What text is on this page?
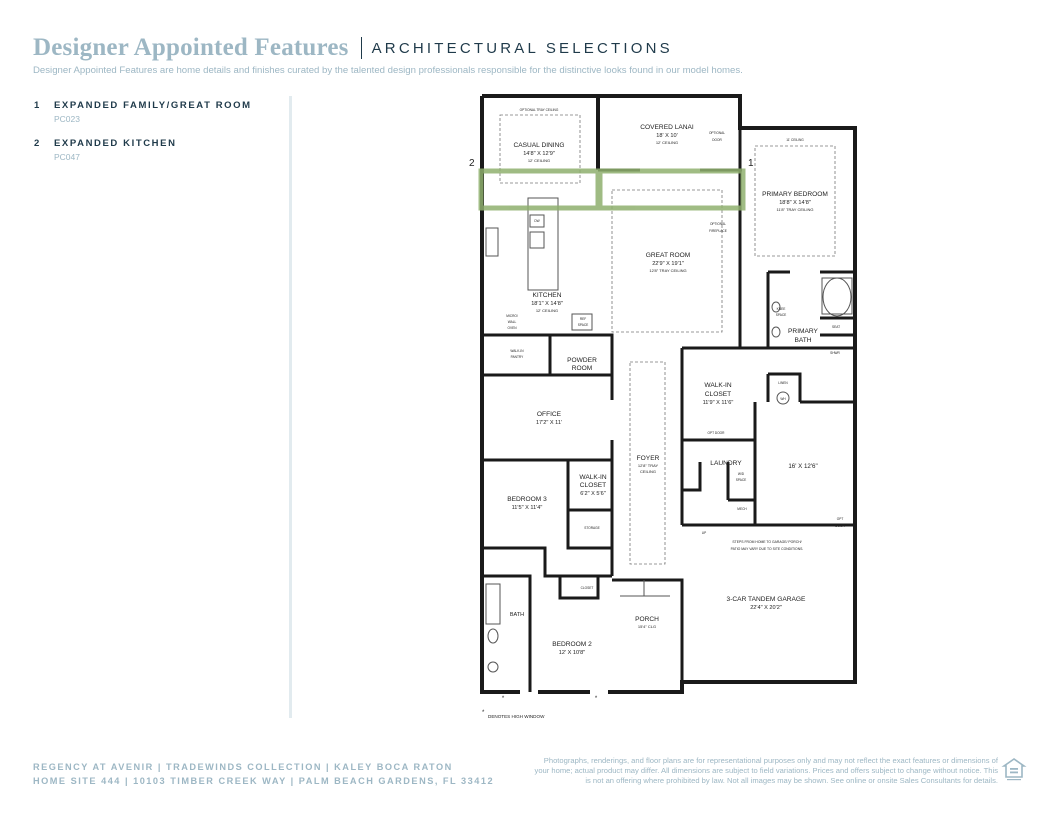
Designer Appointed Features ARCHITECTURAL SELECTIONS
Designer Appointed Features are home details and finishes curated by the talented design professionals responsible for the distinctive looks found in our model homes.
1 EXPANDED FAMILY/GREAT ROOM
PC023
2 EXPANDED KITCHEN
PC047
2	1
OPTIONAL TRAY CEILING
OPTIONAL
DOOR	11' CEILING
OPTIONAL
FIREPLACE
DW
KNEE
SPACE
SEAT
SHWR
MICRO/
WALL
OVEN
REF
SPACE
WALK-IN
PANTRY
LINEN
WH
OPT DOOR
W/D
SPACE
MECH
OPT
DOOR
UP
STEPS FROM HOME TO GARAGE/ PORCH/
PATIO MAY VARY DUE TO SITE CONDITIONS.
STORAGE
CLOSET
BATH
*	*
*
DENOTES HIGH WINDOW
CASUAL DINING
14'8" X 12'9"
12' CEILING
COVERED LANAI
18' X 10'
12' CEILING
PRIMARY BEDROOM
18'8" X 14'8"
11'8" TRAY CEILING
GREAT ROOM
22'9" X 19'1"
12'8" TRAY CEILING
KITCHEN
18'1" X 14'8"
12' CEILING
PRIMARY
BATH
POWDER
ROOM
OFFICE
17'2" X 11'
WALK-IN
CLOSET
11'9" X 11'6"
FOYER
12'8" TRAY
CEILING
LAUNDRY
BEDROOM 3
11'5" X 11'4"
WALK-IN
CLOSET
6'2" X 5'6"
16' X 12'6"
3-CAR TANDEM GARAGE
22'4" X 20'2"
PORCH
15'4" CLG
BEDROOM 2
12' X 10'8"
REGENCY AT AVENIR | TRADEWINDS COLLECTION | KALEY BOCA RATON
HOME SITE 444 | 10103 TIMBER CREEK WAY | PALM BEACH GARDENS, FL 33412
Photographs, renderings, and floor plans are for representational purposes only and may not reflect the exact features or dimensions of your home; actual product may differ. All dimensions are subject to field variations. Prices and offers subject to change without notice. This is not an offering where prohibited by law. Not all images may be shown. See online or onsite Sales Consultants for details.
